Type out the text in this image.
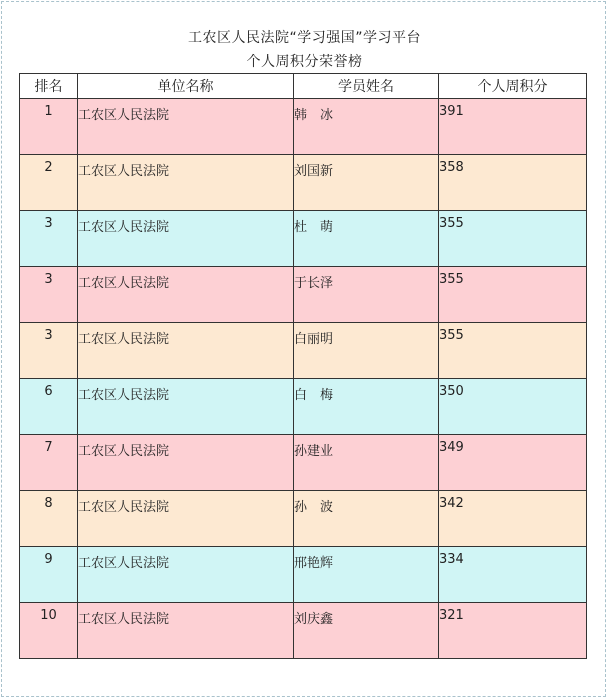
工农区人民法院“学习强国”学习平台
个人周积分荣誉榜
排名	单位名称	学员姓名	个人周积分
1	工农区人民法院	韩　冰	391
2	工农区人民法院	刘国新	358
3	工农区人民法院	杜　萌	355
3	工农区人民法院	于长泽	355
3	工农区人民法院	白丽明	355
6	工农区人民法院	白　梅	350
7	工农区人民法院	孙建业	349
8	工农区人民法院	孙　波	342
9	工农区人民法院	邢艳辉	334
10	工农区人民法院	刘庆鑫	321
